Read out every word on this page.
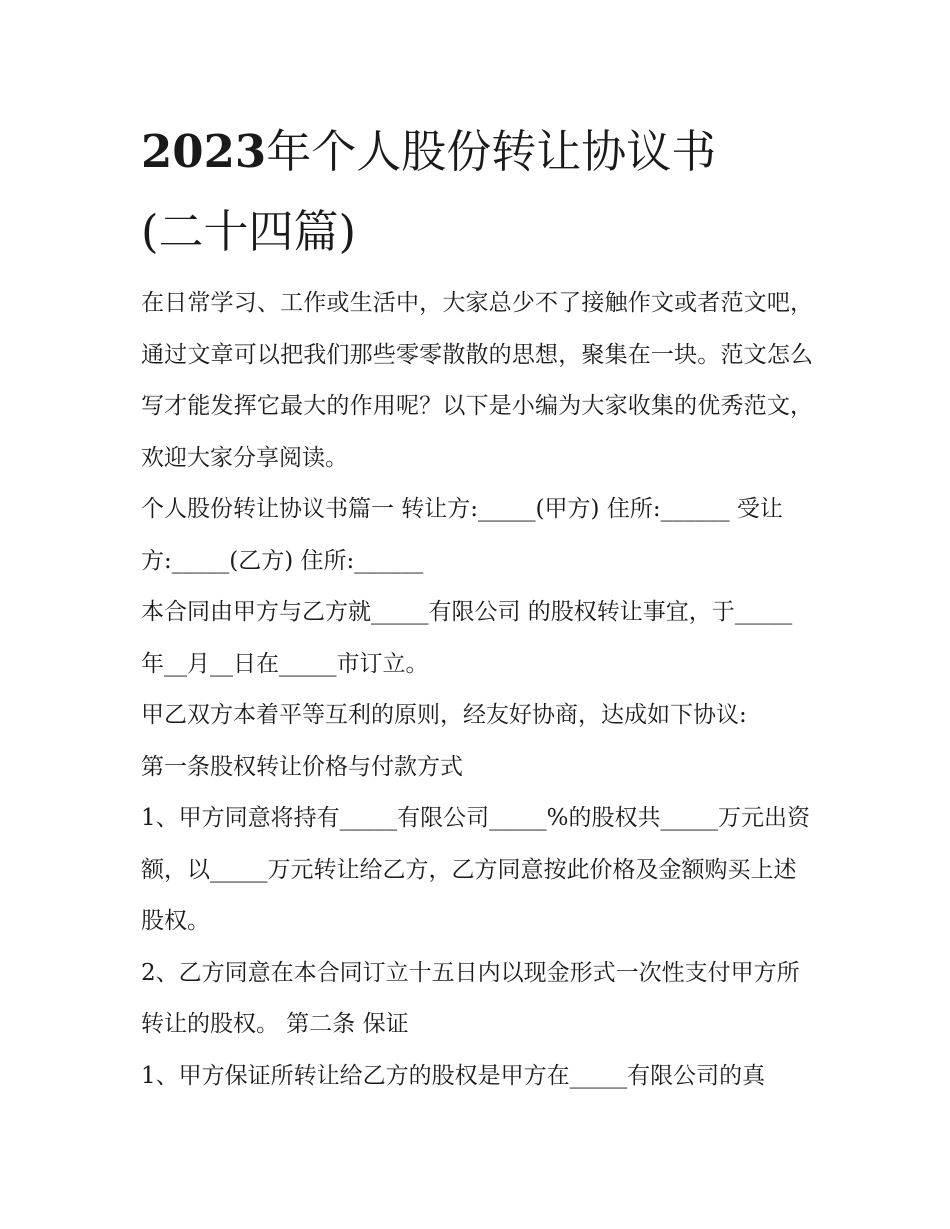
2023年个人股份转让协议书
(二十四篇)

在日常学习、工作或生活中，大家总少不了接触作文或者范文吧，通过文章可以把我们那些零零散散的思想，聚集在一块。范文怎么写才能发挥它最大的作用呢？以下是小编为大家收集的优秀范文，欢迎大家分享阅读。

个人股份转让协议书篇一 转让方:_____(甲方) 住所:______ 受让方:_____(乙方) 住所:______

本合同由甲方与乙方就_____有限公司 的股权转让事宜，于_____年__月__日在_____市订立。

甲乙双方本着平等互利的原则，经友好协商，达成如下协议:

第一条股权转让价格与付款方式

1、甲方同意将持有_____有限公司_____%的股权共_____万元出资额，以_____万元转让给乙方，乙方同意按此价格及金额购买上述股权。

2、乙方同意在本合同订立十五日内以现金形式一次性支付甲方所转让的股权。 第二条 保证

1、甲方保证所转让给乙方的股权是甲方在_____有限公司的真
